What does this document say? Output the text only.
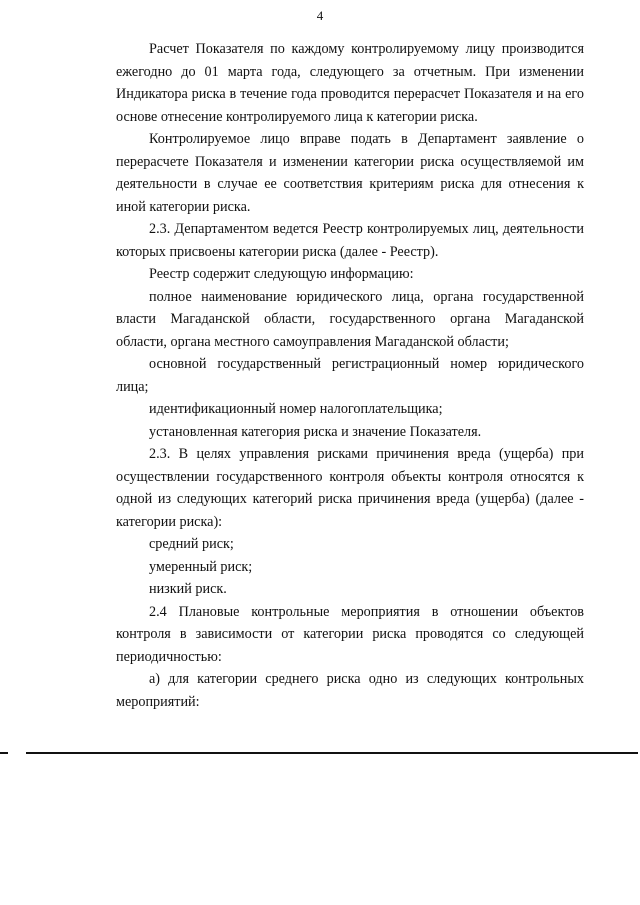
4

Расчет Показателя по каждому контролируемому лицу производится ежегодно до 01 марта года, следующего за отчетным. При изменении Индикатора риска в течение года проводится перерасчет Показателя и на его основе отнесение контролируемого лица к категории риска.

Контролируемое лицо вправе подать в Департамент заявление о перерасчете Показателя и изменении категории риска осуществляемой им деятельности в случае ее соответствия критериям риска для отнесения к иной категории риска.

2.3. Департаментом ведется Реестр контролируемых лиц, деятельности которых присвоены категории риска (далее - Реестр).

Реестр содержит следующую информацию:

полное наименование юридического лица, органа государственной власти Магаданской области, государственного органа Магаданской области, органа местного самоуправления Магаданской области;

основной государственный регистрационный номер юридического лица;

идентификационный номер налогоплательщика;

установленная категория риска и значение Показателя.

2.3. В целях управления рисками причинения вреда (ущерба) при осуществлении государственного контроля объекты контроля относятся к одной из следующих категорий риска причинения вреда (ущерба) (далее - категории риска):

средний риск;

умеренный риск;

низкий риск.

2.4 Плановые контрольные мероприятия в отношении объектов контроля в зависимости от категории риска проводятся со следующей периодичностью:

а) для категории среднего риска одно из следующих контрольных мероприятий:
